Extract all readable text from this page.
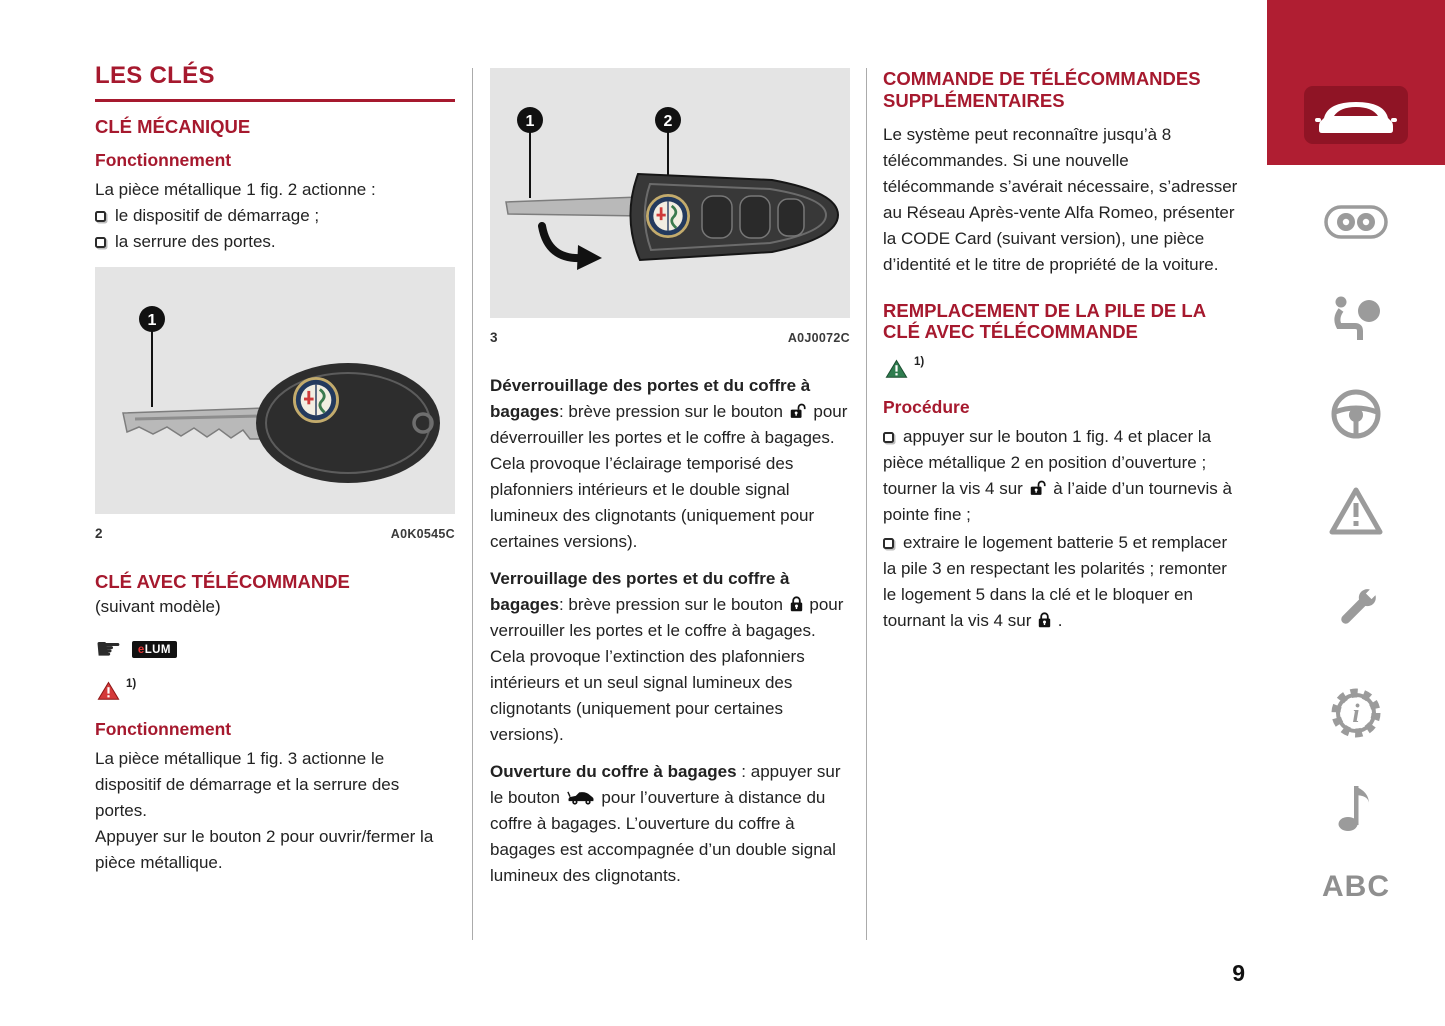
LES CLÉS
CLÉ MÉCANIQUE
Fonctionnement

La pièce métallique 1 fig. 2 actionne :

le dispositif de démarrage ;
la serrure des portes.
1
2	A0K0545C
CLÉ AVEC TÉLÉCOMMANDE
(suivant modèle)
☛	eLUM
1)
Fonctionnement

La pièce métallique 1 fig. 3 actionne le dispositif de démarrage et la serrure des portes.

Appuyer sur le bouton 2 pour ouvrir/fermer la pièce métallique.

1	2
3	A0J0072C

Déverrouillage des portes et du coffre à bagages: brève pression sur le bouton  pour déverrouiller les portes et le coffre à bagages. Cela provoque l’éclairage temporisé des plafonniers intérieurs et le double signal lumineux des clignotants (uniquement pour certaines versions).

Verrouillage des portes et du coffre à bagages: brève pression sur le bouton  pour verrouiller les portes et le coffre à bagages. Cela provoque l’extinction des plafonniers intérieurs et un seul signal lumineux des clignotants (uniquement pour certaines versions).

Ouverture du coffre à bagages : appuyer sur le bouton  pour l’ouverture à distance du coffre à bagages. L’ouverture du coffre à bagages est accompagnée d’un double signal lumineux des clignotants.

COMMANDE DE TÉLÉCOMMANDES SUPPLÉMENTAIRES

Le système peut reconnaître jusqu’à 8 télécommandes. Si une nouvelle télécommande s’avérait nécessaire, s’adresser au Réseau Après-vente Alfa Romeo, présenter la CODE Card (suivant version), une pièce d’identité et le titre de propriété de la voiture.

REMPLACEMENT DE LA PILE DE LA CLÉ AVEC TÉLÉCOMMANDE
1)
Procédure

appuyer sur le bouton 1 fig. 4 et placer la pièce métallique 2 en position d’ouverture ; tourner la vis 4 sur  à l’aide d’un tournevis à pointe fine ;

extraire le logement batterie 5 et remplacer la pile 3 en respectant les polarités ; remonter le logement 5 dans la clé et le bloquer en tournant la vis 4 sur  .

i
ABC
9
